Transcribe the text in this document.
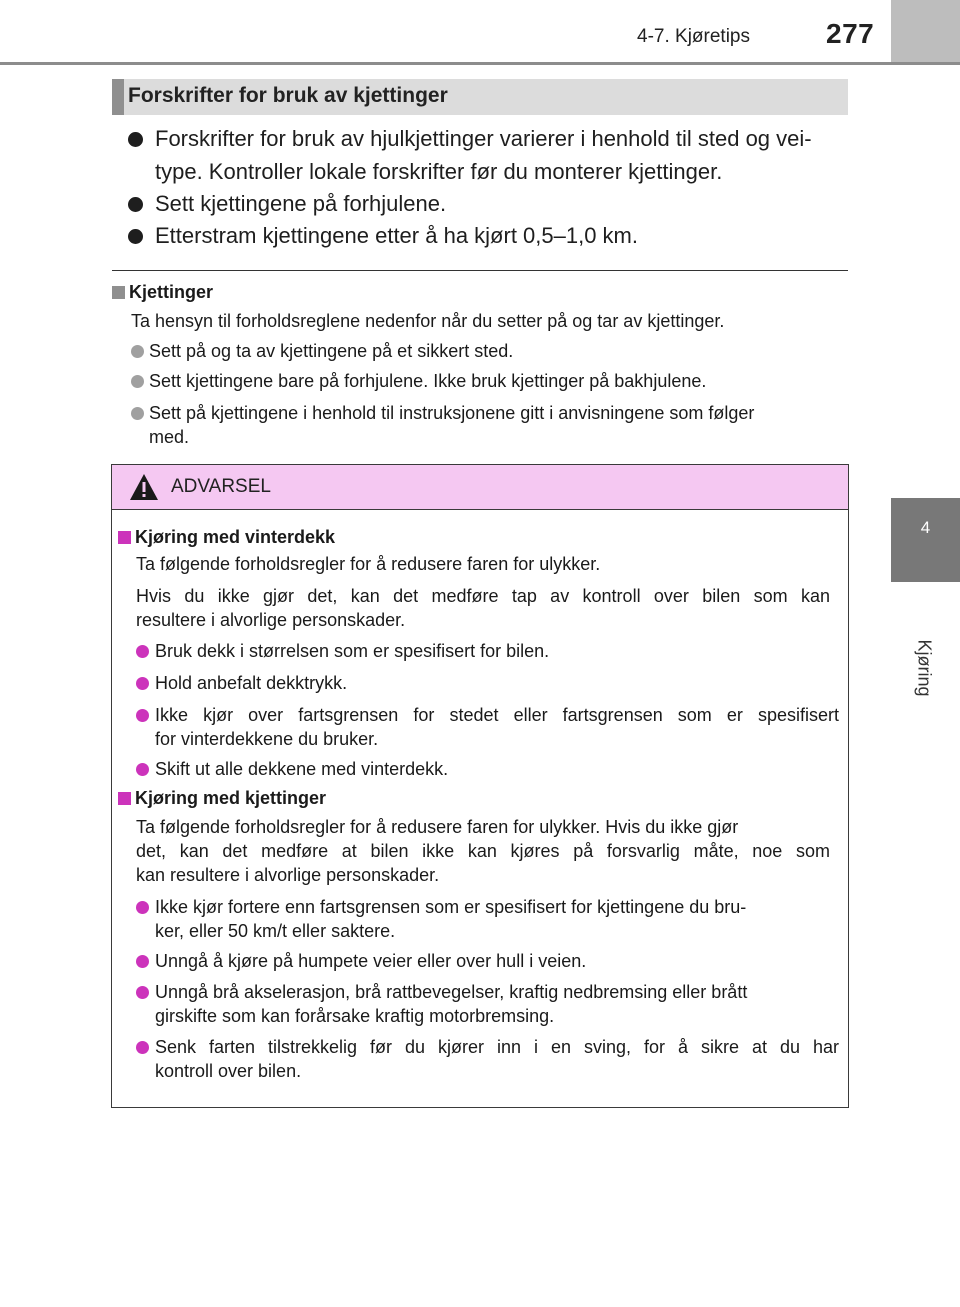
4-7. Kjøretips	277
4
Kjøring
Forskrifter for bruk av kjettinger
Forskrifter for bruk av hjulkjettinger varierer i henhold til sted og vei-
type. Kontroller lokale forskrifter før du monterer kjettinger.
Sett kjettingene på forhjulene.
Etterstram kjettingene etter å ha kjørt 0,5–1,0 km.
Kjettinger
Ta hensyn til forholdsreglene nedenfor når du setter på og tar av kjettinger.
Sett på og ta av kjettingene på et sikkert sted.
Sett kjettingene bare på forhjulene. Ikke bruk kjettinger på bakhjulene.
Sett på kjettingene i henhold til instruksjonene gitt i anvisningene som følger
med.
ADVARSEL
Kjøring med vinterdekk
Ta følgende forholdsregler for å redusere faren for ulykker.
Hvis du ikke gjør det, kan det medføre tap av kontroll over bilen som kan
resultere i alvorlige personskader.
Bruk dekk i størrelsen som er spesifisert for bilen.
Hold anbefalt dekktrykk.
Ikke kjør over fartsgrensen for stedet eller fartsgrensen som er spesifisert
for vinterdekkene du bruker.
Skift ut alle dekkene med vinterdekk.
Kjøring med kjettinger
Ta følgende forholdsregler for å redusere faren for ulykker. Hvis du ikke gjør
det, kan det medføre at bilen ikke kan kjøres på forsvarlig måte, noe som
kan resultere i alvorlige personskader.
Ikke kjør fortere enn fartsgrensen som er spesifisert for kjettingene du bru-
ker, eller 50 km/t eller saktere.
Unngå å kjøre på humpete veier eller over hull i veien.
Unngå brå akselerasjon, brå rattbevegelser, kraftig nedbremsing eller brått
girskifte som kan forårsake kraftig motorbremsing.
Senk farten tilstrekkelig før du kjører inn i en sving, for å sikre at du har
kontroll over bilen.
